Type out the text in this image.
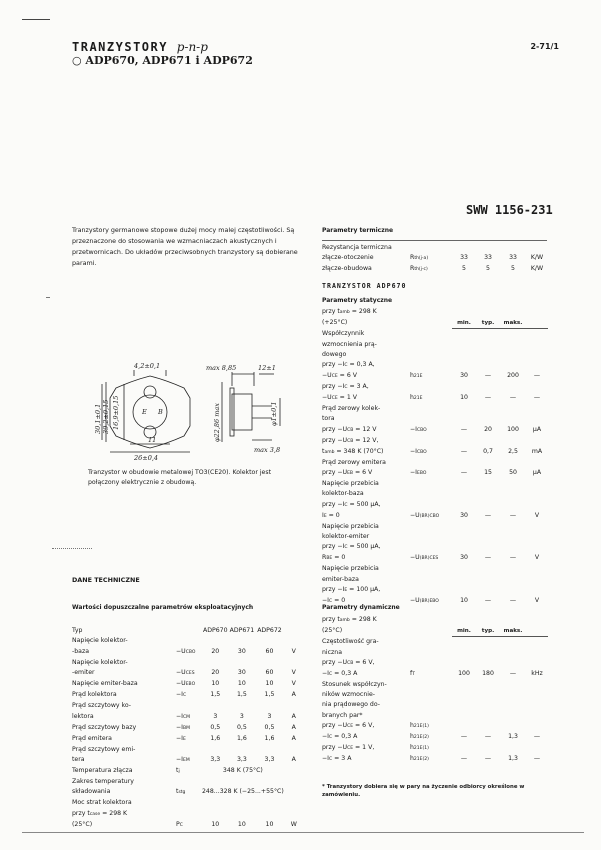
TRANZYSTORY p-n-p
○ ADP670, ADP671 i ADP672
2-71/1
SWW 1156-231
Tranzystory germanowe stopowe dużej mocy malej częstotliwości. Są przeznaczone do stosowania we wzmacniaczach akustycznych i przetwornicach. Do układów przeciwsobnych tranzystory są dobierane parami.
4,2±0,1	max 8,85	12±1
30,1±0,1 39,2±0,15 16,9±0,15	φ1±0,1
φ22,86 max
11
26±0,4
max 3,8
E B
Tranzystor w obudowie metalowej TO3(CE20). Kolektor jest połączony elektrycznie z obudową.
DANE TECHNICZNE
Wartości dopuszczalne parametrów eksploatacyjnych
Typ		ADP670	ADP671	ADP672	
Napięcie kolektor-					
-baza	−UCBO	20	30	60	V
Napięcie kolektor-					
-emiter	−UCES	20	30	60	V
Napięcie emiter-baza	−UEBO	10	10	10	V
Prąd kolektora	−IC	1,5	1,5	1,5	A
Prąd szczytowy ko-					
lektora	−ICM	3	3	3	A
Prąd szczytowy bazy	−IBM	0,5	0,5	0,5	A
Prąd emitera	−IE	1,6	1,6	1,6	A
Prąd szczytowy emi-					
tera	−IEM	3,3	3,3	3,3	A
Temperatura złącza	tj	348 K (75°C)			
Zakres temperatury					
składowania	tstg	248...328 K (−25...+55°C)			
Moc strat kolektora					
przy tcase = 298 K					
(25°C)	PC	10	10	10	W
Parametry termiczne
Rezystancja termiczna					
złącze-otoczenie	Rth(j-a)	33	33	33	K/W
złącze-obudowa	Rth(j-c)	5	5	5	K/W
TRANZYSTOR ADP670
Parametry statyczne
przy tamb = 298 K					
(+25°C)		min.	typ.	maks.	
Współczynnik					
wzmocnienia prą-					
dowego					
przy −IC = 0,3 A,					
−UCE = 6 V	h21E	30	—	200	—
przy −IC = 3 A,					
−UCE = 1 V	h21E	10	—	—	—
Prąd zerowy kolek-					
tora					
przy −UCB = 12 V	−ICBO	—	20	100	μA
przy −UCB = 12 V,					
tamb = 348 K (70°C)	−ICBO	—	0,7	2,5	mA
Prąd zerowy emitera					
przy −UEB = 6 V	−IEBO	—	15	50	μA
Napięcie przebicia					
kolektor-baza					
przy −IC = 500 μA,					
IE = 0	−U(BR)CBO	30	—	—	V
Napięcie przebicia					
kolektor-emiter					
przy −IC = 500 μA,					
RBE = 0	−U(BR)CES	30	—	—	V
Napięcie przebicia					
emiter-baza					
przy −IE = 100 μA,					
−IC = 0	−U(BR)EBO	10	—	—	V
Parametry dynamiczne
przy tamb = 298 K					
(25°C)		min.	typ.	maks.	
Częstotliwość gra-					
niczna					
przy −UCB = 6 V,					
−IC = 0,3 A	fT	100	180	—	kHz
Stosunek współczyn-					
ników wzmocnie-					
nia prądowego do-					
branych par*					
przy −UCE = 6 V,	h21E(1)				
−IC = 0,3 A	h21E(2)	—	—	1,3	—
przy −UCE = 1 V,	h21E(1)				
−IC = 3 A	h21E(2)	—	—	1,3	—
* Tranzystory dobiera się w pary na życzenie odbiorcy określone w zamówieniu.
